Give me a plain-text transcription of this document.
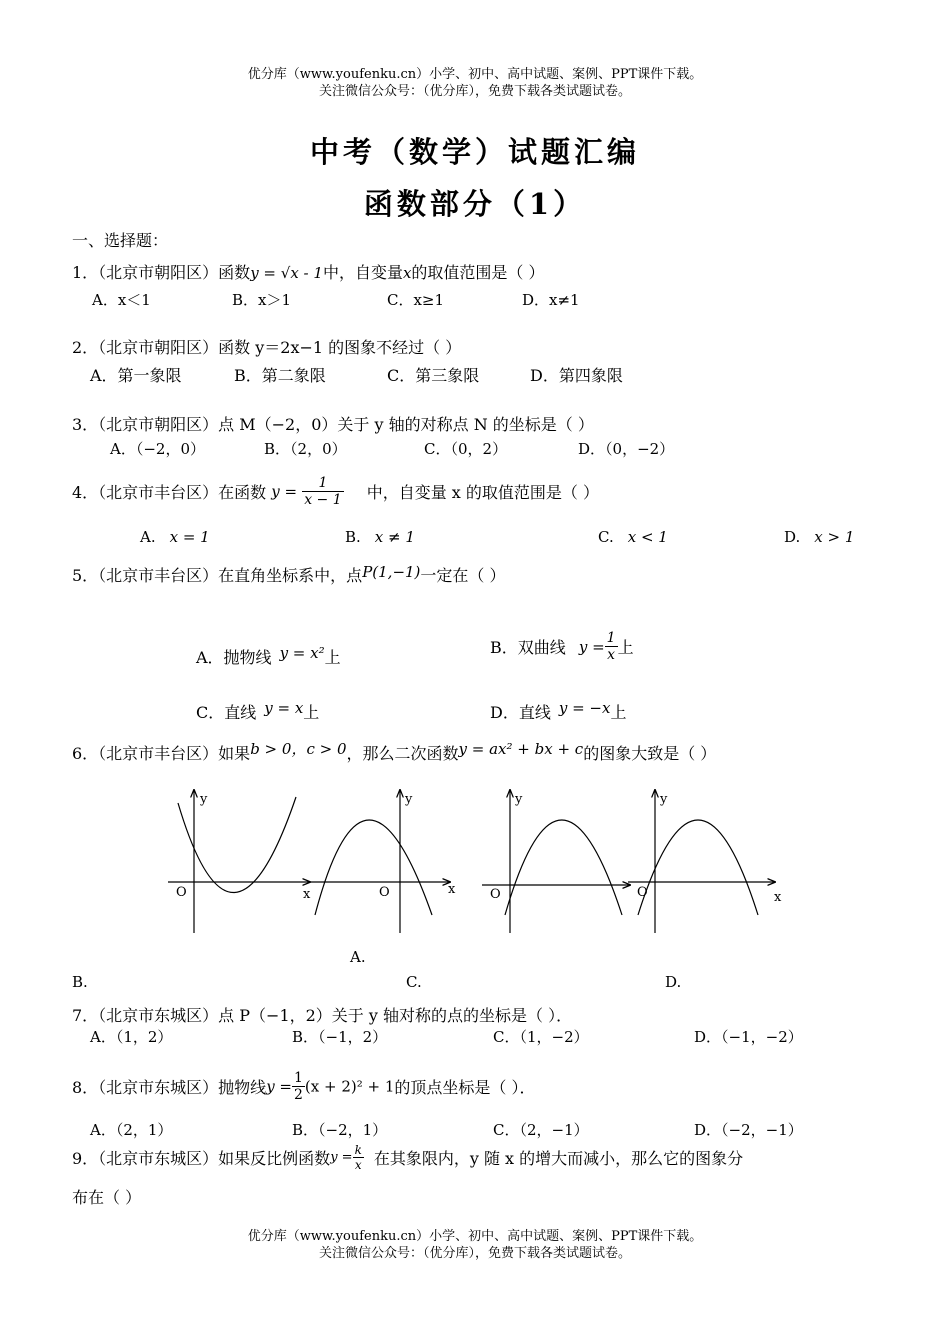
优分库（www.youfenku.cn）小学、初中、高中试题、案例、PPT课件下载。
关注微信公众号：（优分库），免费下载各类试题试卷。
中考（数学）试题汇编
函数部分（1）
一、选择题：
1．（北京市朝阳区）函数y = √x - 1中，自变量x的取值范围是（ ）
A．x＜1	B．x＞1	C．x≥1	D．x≠1
2．（北京市朝阳区）函数 y＝2x−1 的图象不经过（ ）
A．第一象限	B．第二象限	C．第三象限	D．第四象限
3．（北京市朝阳区）点 M（−2，0）关于 y 轴的对称点 N 的坐标是（ ）
A．（−2，0）	B．（2，0）	C．（0，2）	D．（0，−2）
4．（北京市丰台区）在函数 $y = \frac{1}{x - 1}$ 中，自变量 x 的取值范围是（ ）
A. x = 1	B. x ≠ 1	C. x < 1	D. x > 1
5．（北京市丰台区）在直角坐标系中，点P(1,−1)一定在（ ）
A．抛物线 y = x²上
B．双曲线 $y = \frac{1}{x}$ 上
C．直线 y = x上	D．直线 y = −x上
6．（北京市丰台区）如果b > 0，c > 0，那么二次函数y = ax² + bx + c的图象大致是（ ）
y
O	x
y
O	x
y
O
y
O	x
A.
B.	C.	D.
7．（北京市东城区）点 P（−1，2）关于 y 轴对称的点的坐标是（ ）．
A．（1，2）	B．（−1，2）	C．（1，−2）	D．（−1，−2）
8．（北京市东城区）抛物线$y = \frac{1}{2} (x + 2)^2 + 1$的顶点坐标是（ ）．
A．（2，1）	B．（−2，1）	C．（2，−1）	D．（−2，−1）
9．（北京市东城区）如果反比例函数$y = \frac{k}{x}$ 在其象限内，y 随 x 的增大而减小，那么它的图象分
布在（ ）
优分库（www.youfenku.cn）小学、初中、高中试题、案例、PPT课件下载。
关注微信公众号：（优分库），免费下载各类试题试卷。
